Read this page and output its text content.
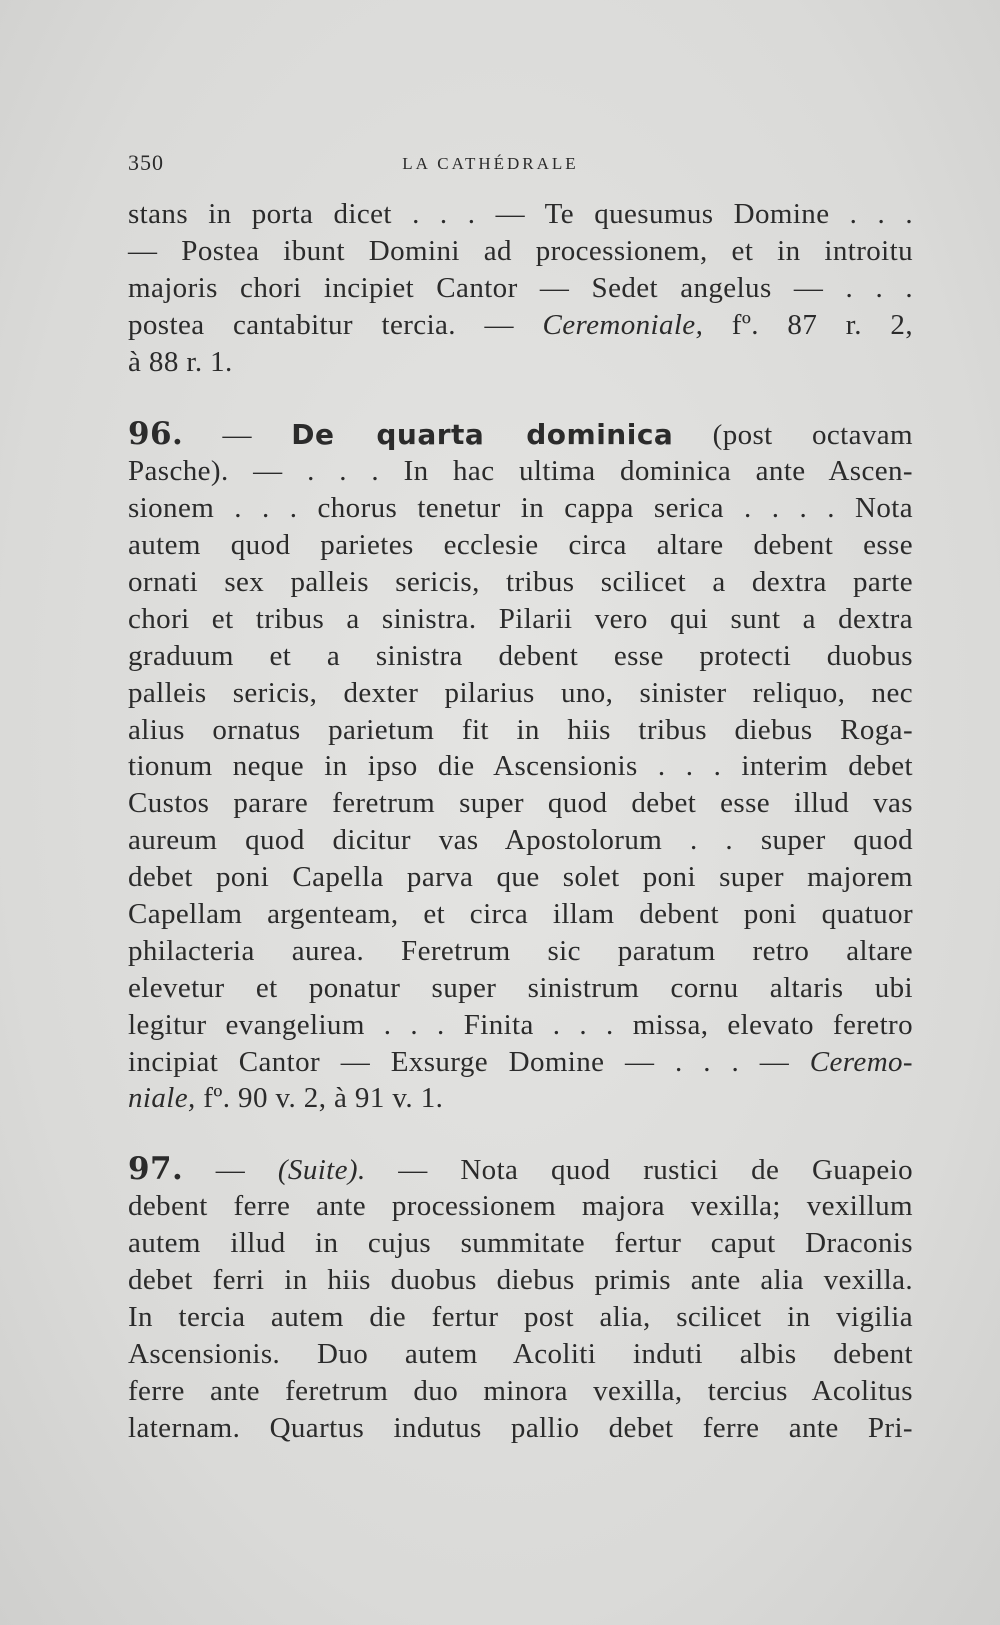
350	LA CATHÉDRALE
stans in porta dicet . . . — Te quesumus Domine . . .
— Postea ibunt Domini ad processionem, et in introitu
majoris chori incipiet Cantor — Sedet angelus — . . .
postea cantabitur tercia. — Ceremoniale, fº. 87 r. 2,
à 88 r. 1.
96. — De quarta dominica (post octavam
Pasche). — . . . In hac ultima dominica ante Ascen-
sionem . . . chorus tenetur in cappa serica . . . . Nota
autem quod parietes ecclesie circa altare debent esse
ornati sex palleis sericis, tribus scilicet a dextra parte
chori et tribus a sinistra. Pilarii vero qui sunt a dextra
graduum et a sinistra debent esse protecti duobus
palleis sericis, dexter pilarius uno, sinister reliquo, nec
alius ornatus parietum fit in hiis tribus diebus Roga-
tionum neque in ipso die Ascensionis . . . interim debet
Custos parare feretrum super quod debet esse illud vas
aureum quod dicitur vas Apostolorum . . super quod
debet poni Capella parva que solet poni super majorem
Capellam argenteam, et circa illam debent poni quatuor
philacteria aurea. Feretrum sic paratum retro altare
elevetur et ponatur super sinistrum cornu altaris ubi
legitur evangelium . . . Finita . . . missa, elevato feretro
incipiat Cantor — Exsurge Domine — . . . — Ceremo-
niale, fº. 90 v. 2, à 91 v. 1.
97. — (Suite). — Nota quod rustici de Guapeio
debent ferre ante processionem majora vexilla; vexillum
autem illud in cujus summitate fertur caput Draconis
debet ferri in hiis duobus diebus primis ante alia vexilla.
In tercia autem die fertur post alia, scilicet in vigilia
Ascensionis. Duo autem Acoliti induti albis debent
ferre ante feretrum duo minora vexilla, tercius Acolitus
laternam. Quartus indutus pallio debet ferre ante Pri-
